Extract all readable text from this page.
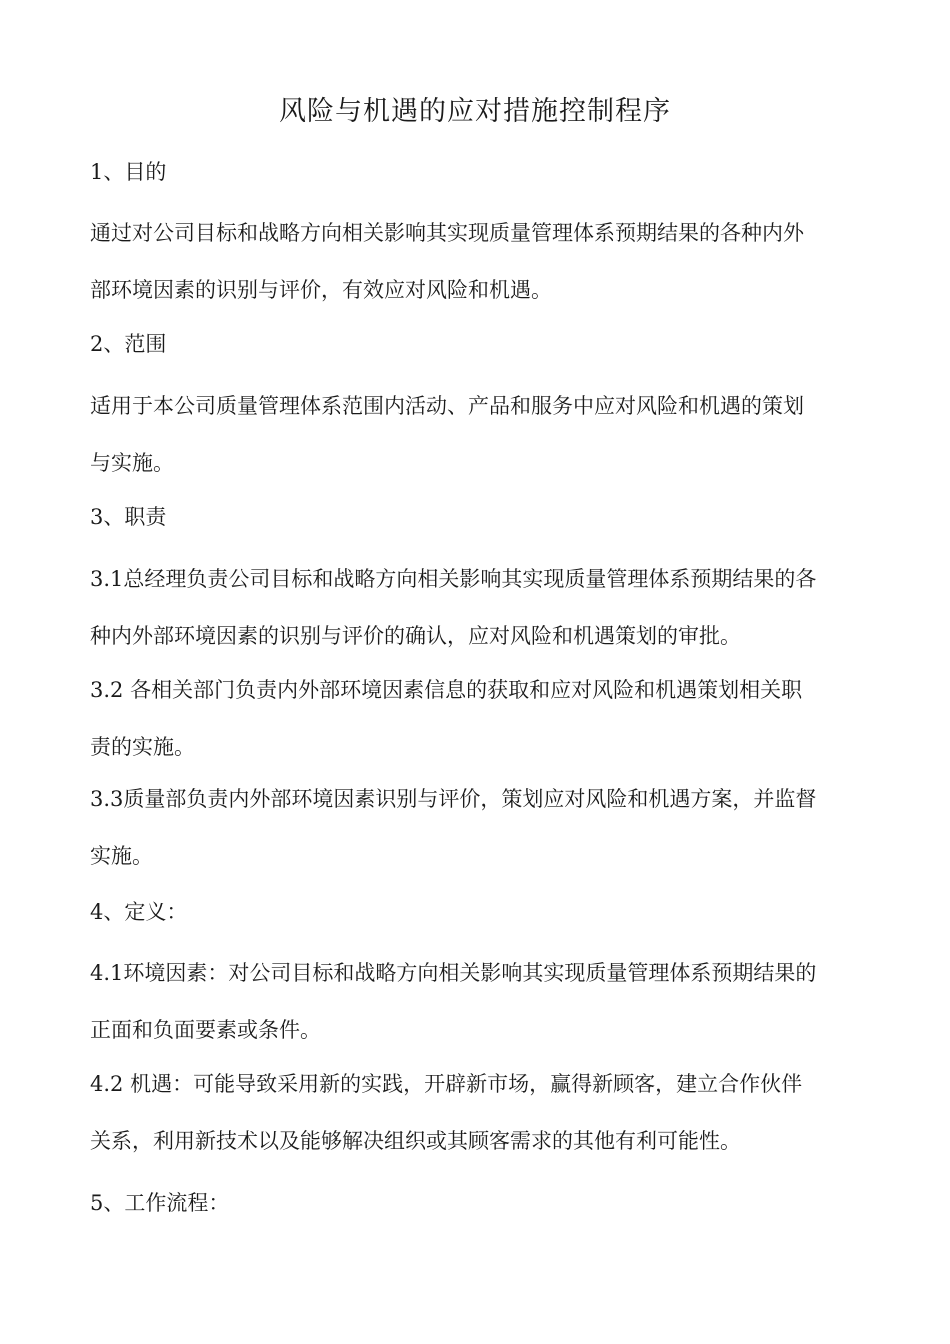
风险与机遇的应对措施控制程序

1、目的

通过对公司目标和战略方向相关影响其实现质量管理体系预期结果的各种内外
部环境因素的识别与评价，有效应对风险和机遇。

2、范围

适用于本公司质量管理体系范围内活动、产品和服务中应对风险和机遇的策划
与实施。

3、职责

3.1总经理负责公司目标和战略方向相关影响其实现质量管理体系预期结果的各
种内外部环境因素的识别与评价的确认，应对风险和机遇策划的审批。

3.2 各相关部门负责内外部环境因素信息的获取和应对风险和机遇策划相关职
责的实施。

3.3质量部负责内外部环境因素识别与评价，策划应对风险和机遇方案，并监督
实施。

4、定义：

4.1环境因素：对公司目标和战略方向相关影响其实现质量管理体系预期结果的
正面和负面要素或条件。

4.2 机遇：可能导致采用新的实践，开辟新市场，赢得新顾客，建立合作伙伴
关系，利用新技术以及能够解决组织或其顾客需求的其他有利可能性。

5、工作流程：
